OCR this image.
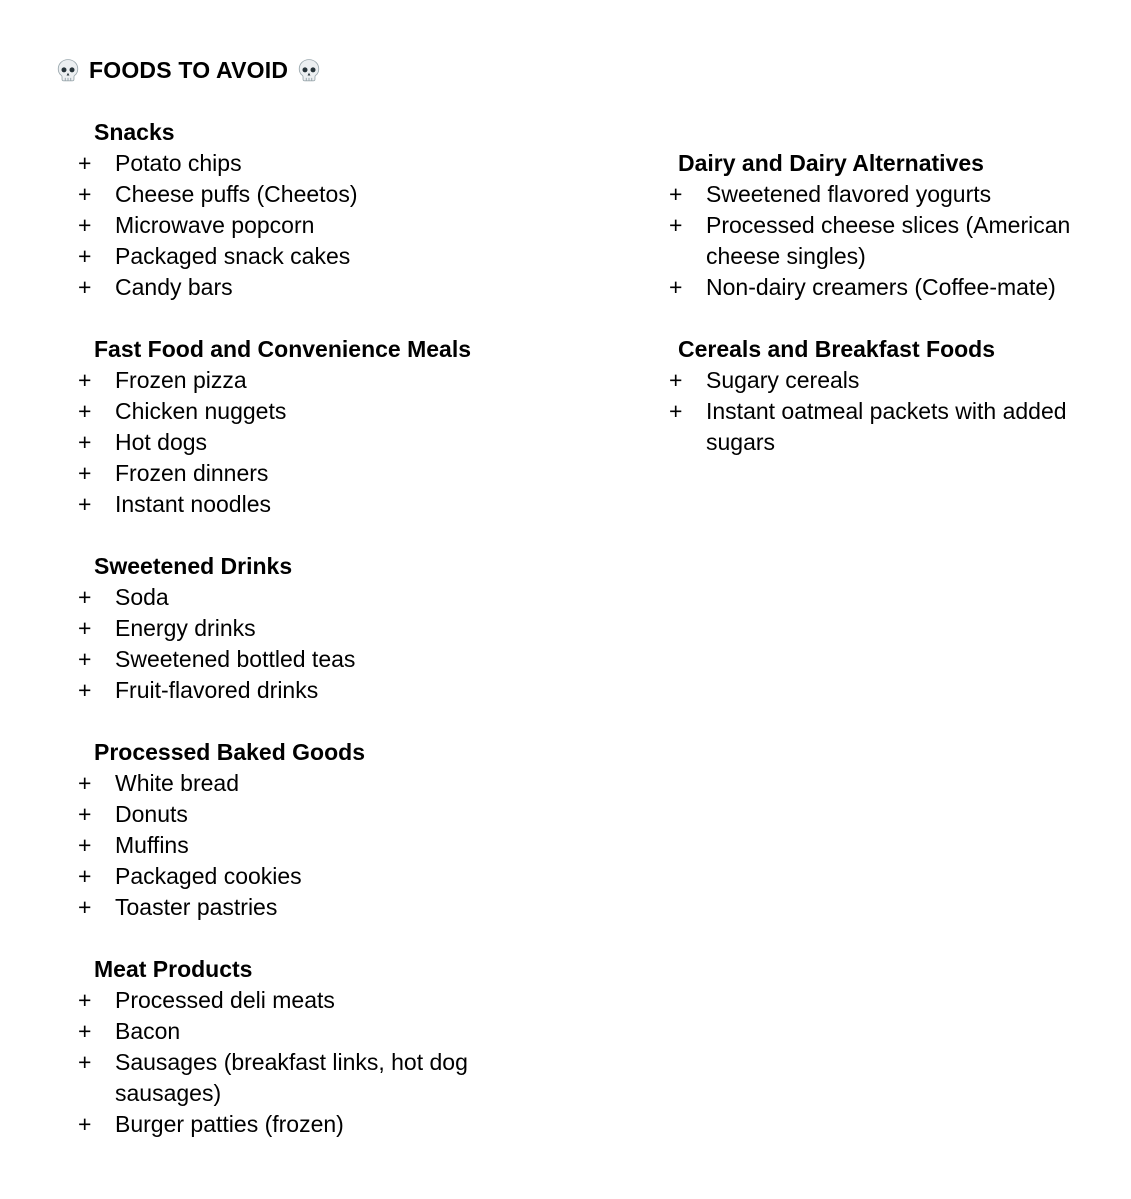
FOODS TO AVOID
Snacks
+	Potato chips
+	Cheese puffs (Cheetos)
+	Microwave popcorn
+	Packaged snack cakes
+	Candy bars
Fast Food and Convenience Meals
+	Frozen pizza
+	Chicken nuggets
+	Hot dogs
+	Frozen dinners
+	Instant noodles
Sweetened Drinks
+	Soda
+	Energy drinks
+	Sweetened bottled teas
+	Fruit-flavored drinks
Processed Baked Goods
+	White bread
+	Donuts
+	Muffins
+	Packaged cookies
+	Toaster pastries
Meat Products
+	Processed deli meats
+	Bacon
+	Sausages (breakfast links, hot dog sausages)
+	Burger patties (frozen)
Dairy and Dairy Alternatives
+	Sweetened flavored yogurts
+	Processed cheese slices (American cheese singles)
+	Non-dairy creamers (Coffee-mate)
Cereals and Breakfast Foods
+	Sugary cereals
+	Instant oatmeal packets with added sugars
